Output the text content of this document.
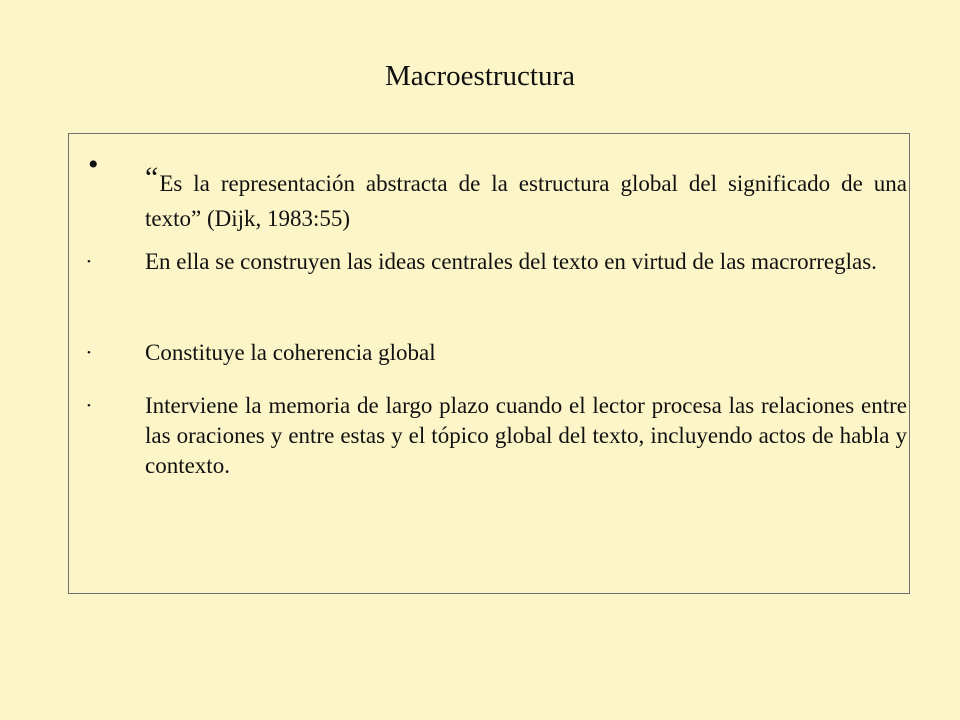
Macroestructura
• “Es la representación abstracta de la estructura global del significado de una texto” (Dijk, 1983:55)
• En ella se construyen las ideas centrales del texto en virtud de las macrorreglas.
• Constituye la coherencia global
• Interviene la memoria de largo plazo cuando el lector procesa las relaciones entre las oraciones y entre estas y el tópico global del texto, incluyendo actos de habla y contexto.
